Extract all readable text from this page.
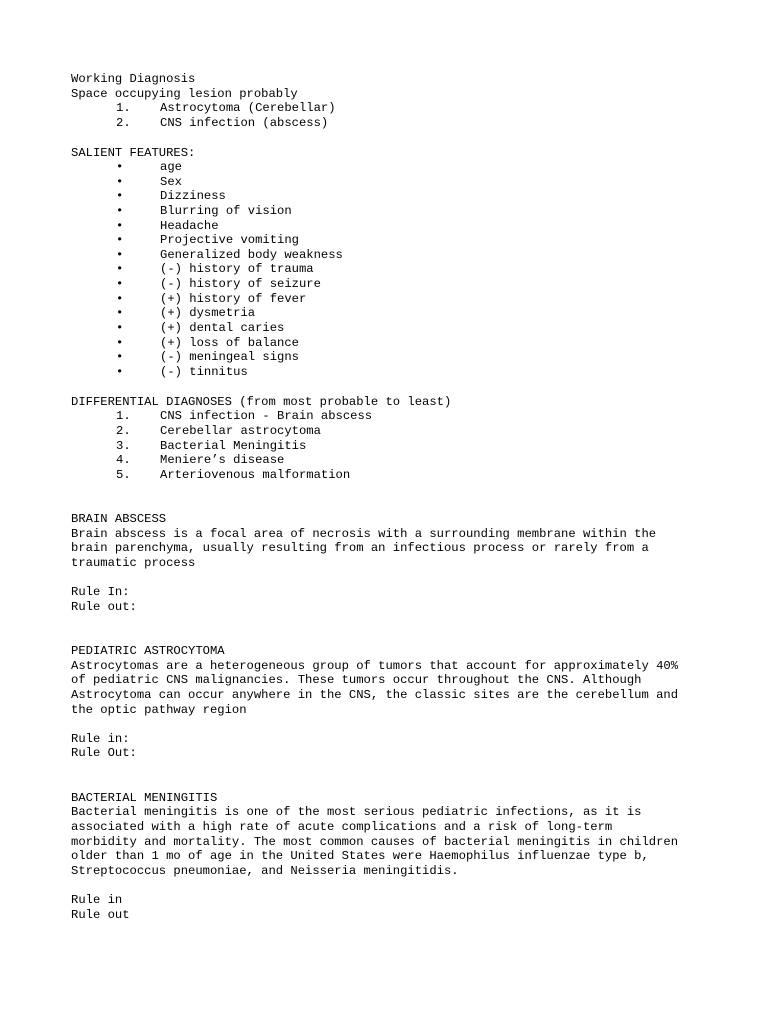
Working Diagnosis
Space occupying lesion probably
1. Astrocytoma (Cerebellar)
2. CNS infection (abscess)
SALIENT FEATURES:
•	age
•	Sex
•	Dizziness
•	Blurring of vision
•	Headache
•	Projective vomiting
•	Generalized body weakness
•	(-) history of trauma
•	(-) history of seizure
•	(+) history of fever
•	(+) dysmetria
•	(+) dental caries
•	(+) loss of balance
•	(-) meningeal signs
•	(-) tinnitus
DIFFERENTIAL DIAGNOSES (from most probable to least)
1. CNS infection - Brain abscess
2. Cerebellar astrocytoma
3. Bacterial Meningitis
4. Meniere’s disease
5. Arteriovenous malformation
BRAIN ABSCESS
Brain abscess is a focal area of necrosis with a surrounding membrane within the
brain parenchyma, usually resulting from an infectious process or rarely from a
traumatic process
Rule In:
Rule out:
PEDIATRIC ASTROCYTOMA
Astrocytomas are a heterogeneous group of tumors that account for approximately 40%
of pediatric CNS malignancies. These tumors occur throughout the CNS. Although
Astrocytoma can occur anywhere in the CNS, the classic sites are the cerebellum and
the optic pathway region
Rule in:
Rule Out:
BACTERIAL MENINGITIS
Bacterial meningitis is one of the most serious pediatric infections, as it is
associated with a high rate of acute complications and a risk of long-term
morbidity and mortality. The most common causes of bacterial meningitis in children
older than 1 mo of age in the United States were Haemophilus influenzae type b,
Streptococcus pneumoniae, and Neisseria meningitidis.
Rule in
Rule out
